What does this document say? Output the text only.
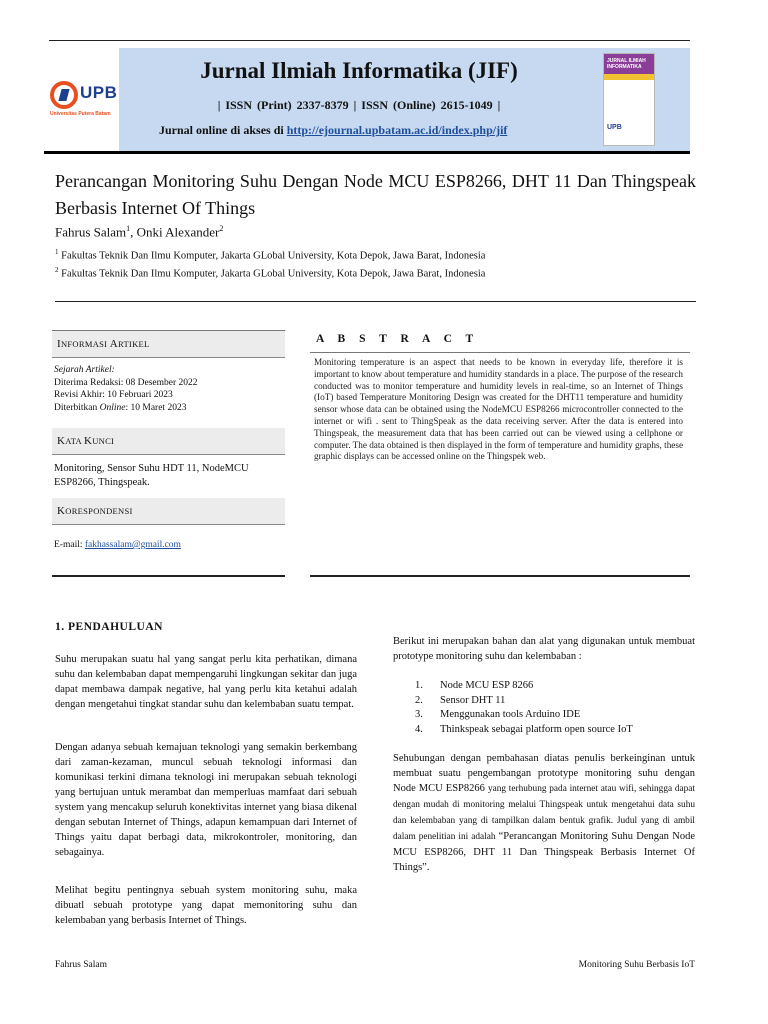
UPB
Universitas Putera Batam
Jurnal Ilmiah Informatika (JIF)
| ISSN (Print) 2337-8379 | ISSN (Online) 2615-1049 |
Jurnal online di akses di http://ejournal.upbatam.ac.id/index.php/jif
JURNAL ILMIAH INFORMATIKA
UPB
Perancangan Monitoring Suhu Dengan Node MCU ESP8266, DHT 11 Dan Thingspeak Berbasis Internet Of Things
Fahrus Salam$^1$, Onki Alexander$^2$
$^1$ Fakultas Teknik Dan Ilmu Komputer, Jakarta GLobal University, Kota Depok, Jawa Barat, Indonesia
$^2$ Fakultas Teknik Dan Ilmu Komputer, Jakarta GLobal University, Kota Depok, Jawa Barat, Indonesia
INFORMASI ARTIKEL
Sejarah Artikel:
Diterima Redaksi: 08 Desember 2022
Revisi Akhir: 10 Februari 2023
Diterbitkan Online: 10 Maret 2023
KATA KUNCI
Monitoring, Sensor Suhu HDT 11, NodeMCU ESP8266, Thingspeak.
KORESPONDENSI
E-mail: fakhassalam@gmail.com
A B S T R A C T
Monitoring temperature is an aspect that needs to be known in everyday life, therefore it is important to know about temperature and humidity standards in a place. The purpose of the research conducted was to monitor temperature and humidity levels in real-time, so an Internet of Things (IoT) based Temperature Monitoring Design was created for the DHT11 temperature and humidity sensor whose data can be obtained using the NodeMCU ESP8266 microcontroller connected to the internet or wifi . sent to ThingSpeak as the data receiving server. After the data is entered into Thingspeak, the measurement data that has been carried out can be viewed using a cellphone or computer. The data obtained is then displayed in the form of temperature and humidity graphs, these graphic displays can be accessed online on the Thingspek web.
1. PENDAHULUAN
Suhu merupakan suatu hal yang sangat perlu kita perhatikan, dimana suhu dan kelembaban dapat mempengaruhi lingkungan sekitar dan juga dapat membawa dampak negative, hal yang perlu kita ketahui adalah dengan mengetahui tingkat standar suhu dan kelembaban suatu tempat.
Dengan adanya sebuah kemajuan teknologi yang semakin berkembang dari zaman-kezaman, muncul sebuah teknologi informasi dan komunikasi terkini dimana teknologi ini merupakan sebuah teknologi yang bertujuan untuk merambat dan memperluas mamfaat dari sebuah system yang mencakup seluruh konektivitas internet yang biasa dikenal dengan sebutan Internet of Things, adapun kemampuan dari Internet of Things yaitu dapat berbagi data, mikrokontroler, monitoring, dan sebagainya.
Melihat begitu pentingnya sebuah system monitoring suhu, maka dibuatl sebuah prototype yang dapat memonitoring suhu dan kelembaban yang berbasis Internet of Things.
Berikut ini merupakan bahan dan alat yang digunakan untuk membuat prototype monitoring suhu dan kelembaban :
1.	Node MCU ESP 8266
2.	Sensor DHT 11
3.	Menggunakan tools Arduino IDE
4.	Thinkspeak sebagai platform open source IoT
Sehubungan dengan pembahasan diatas penulis berkeinginan untuk membuat suatu pengembangan prototype monitoring suhu dengan Node MCU ESP8266 yang terhubung pada internet atau wifi, sehingga dapat dengan mudah di monitoring melalui Thingspeak untuk mengetahui data suhu dan kelembaban yang di tampilkan dalam bentuk grafik. Judul yang di ambil dalam penelitian ini adalah “Perancangan Monitoring Suhu Dengan Node MCU ESP8266, DHT 11 Dan Thingspeak Berbasis Internet Of Things”.
Fahrus Salam	Monitoring Suhu Berbasis IoT
